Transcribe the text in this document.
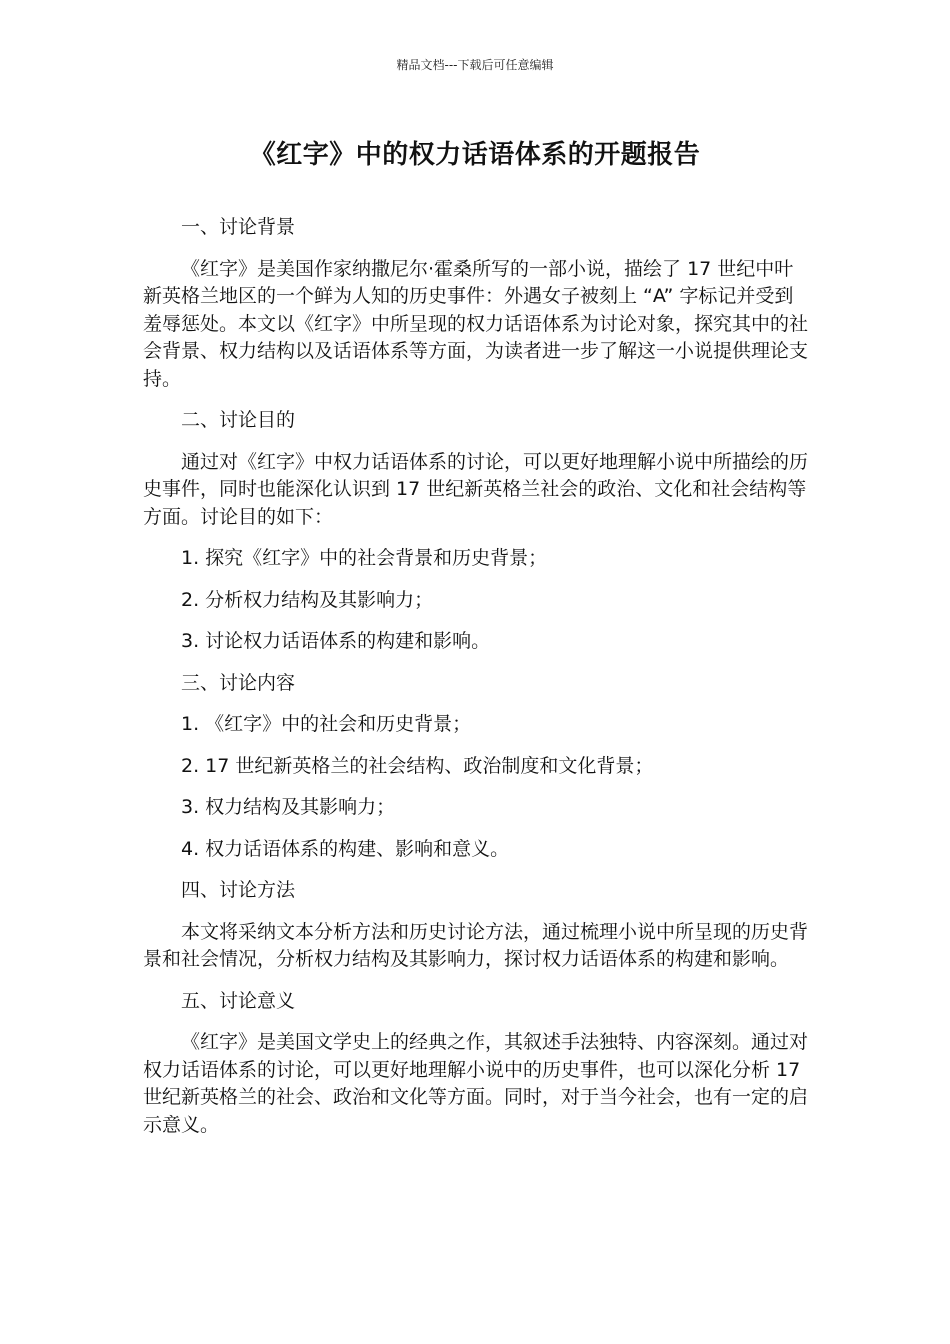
精品文档---下载后可任意编辑
《红字》中的权力话语体系的开题报告

一、讨论背景

《红字》是美国作家纳撒尼尔·霍桑所写的一部小说，描绘了 17 世纪中叶新英格兰地区的一个鲜为人知的历史事件：外遇女子被刻上 “A” 字标记并受到羞辱惩处。本文以《红字》中所呈现的权力话语体系为讨论对象，探究其中的社会背景、权力结构以及话语体系等方面，为读者进一步了解这一小说提供理论支持。

二、讨论目的

通过对《红字》中权力话语体系的讨论，可以更好地理解小说中所描绘的历史事件，同时也能深化认识到 17 世纪新英格兰社会的政治、文化和社会结构等方面。讨论目的如下：

1. 探究《红字》中的社会背景和历史背景；

2. 分析权力结构及其影响力；

3. 讨论权力话语体系的构建和影响。

三、讨论内容

1. 《红字》中的社会和历史背景；

2. 17 世纪新英格兰的社会结构、政治制度和文化背景；

3. 权力结构及其影响力；

4. 权力话语体系的构建、影响和意义。

四、讨论方法

本文将采纳文本分析方法和历史讨论方法，通过梳理小说中所呈现的历史背景和社会情况，分析权力结构及其影响力，探讨权力话语体系的构建和影响。

五、讨论意义

《红字》是美国文学史上的经典之作，其叙述手法独特、内容深刻。通过对权力话语体系的讨论，可以更好地理解小说中的历史事件，也可以深化分析 17 世纪新英格兰的社会、政治和文化等方面。同时，对于当今社会，也有一定的启示意义。
